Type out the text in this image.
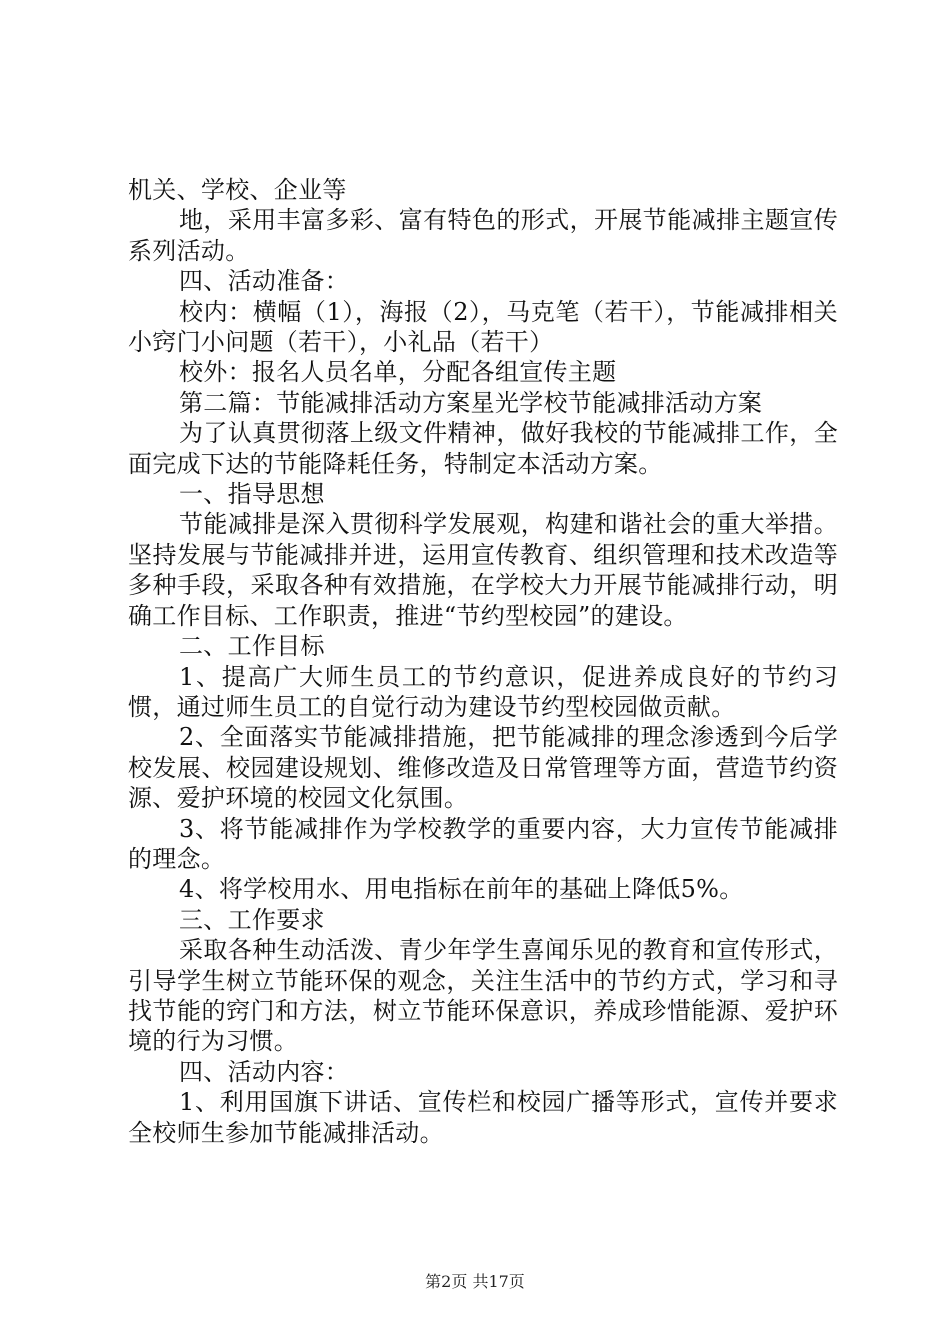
机关、学校、企业等

地，采用丰富多彩、富有特色的形式，开展节能减排主题宣传系列活动。

四、活动准备：

校内：横幅（1），海报（2），马克笔（若干），节能减排相关小窍门小问题（若干），小礼品（若干）

校外：报名人员名单，分配各组宣传主题

第二篇：节能减排活动方案星光学校节能减排活动方案

为了认真贯彻落上级文件精神，做好我校的节能减排工作，全面完成下达的节能降耗任务，特制定本活动方案。

一、指导思想

节能减排是深入贯彻科学发展观，构建和谐社会的重大举措。坚持发展与节能减排并进，运用宣传教育、组织管理和技术改造等多种手段，采取各种有效措施，在学校大力开展节能减排行动，明确工作目标、工作职责，推进“节约型校园”的建设。

二、工作目标

1、提高广大师生员工的节约意识，促进养成良好的节约习惯，通过师生员工的自觉行动为建设节约型校园做贡献。

2、全面落实节能减排措施，把节能减排的理念渗透到今后学校发展、校园建设规划、维修改造及日常管理等方面，营造节约资源、爱护环境的校园文化氛围。

3、将节能减排作为学校教学的重要内容，大力宣传节能减排的理念。

4、将学校用水、用电指标在前年的基础上降低5%。

三、工作要求

采取各种生动活泼、青少年学生喜闻乐见的教育和宣传形式，引导学生树立节能环保的观念，关注生活中的节约方式，学习和寻找节能的窍门和方法，树立节能环保意识，养成珍惜能源、爱护环境的行为习惯。

四、活动内容：

1、利用国旗下讲话、宣传栏和校园广播等形式，宣传并要求全校师生参加节能减排活动。

第2页 共17页
